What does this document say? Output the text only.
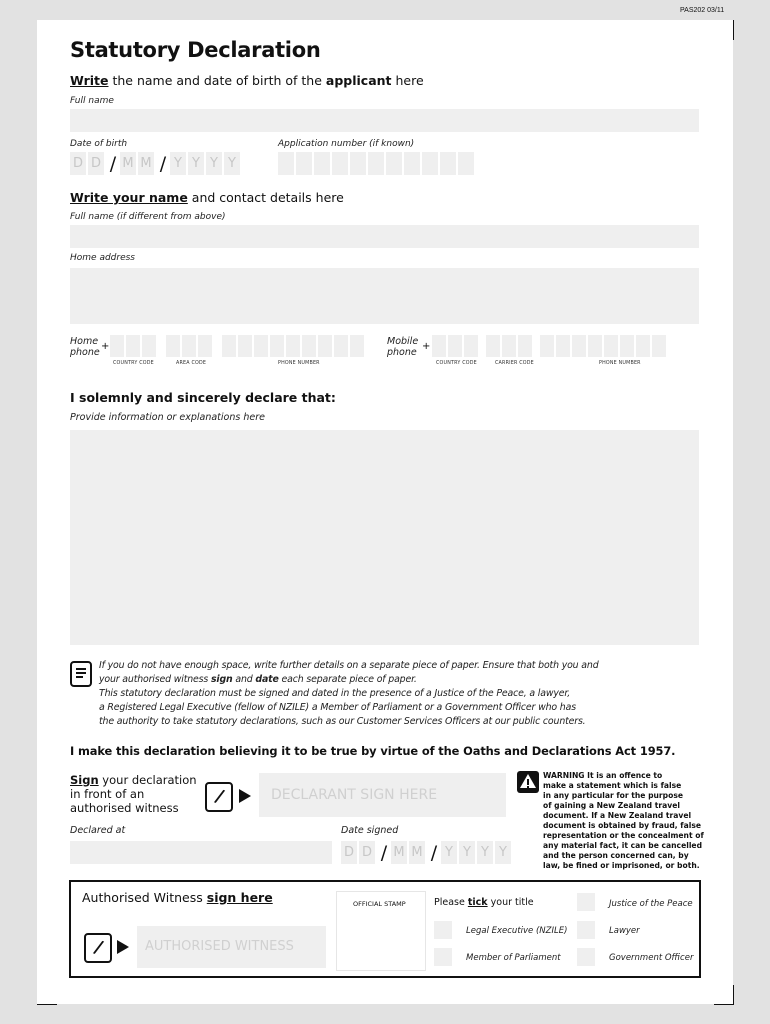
PAS202 03/11
Statutory Declaration
Write the name and date of birth of the applicant here
Full name
Date of birth
D D / M M / Y Y Y Y
Application number (if known)
Write your name and contact details here
Full name (if different from above)
Home address
Home
phone
+
COUNTRY CODE	AREA CODE	PHONE NUMBER
Mobile
phone
+
COUNTRY CODE	CARRIER CODE	PHONE NUMBER
I solemnly and sincerely declare that:
Provide information or explanations here
If you do not have enough space, write further details on a separate piece of paper. Ensure that both you and
your authorised witness sign and date each separate piece of paper.
This statutory declaration must be signed and dated in the presence of a Justice of the Peace, a lawyer,
a Registered Legal Executive (fellow of NZILE) a Member of Parliament or a Government Officer who has
the authority to take statutory declarations, such as our Customer Services Officers at our public counters.
I make this declaration believing it to be true by virtue of the Oaths and Declarations Act 1957.
Sign your declaration
in front of an
authorised witness
/	DECLARANT SIGN HERE
WARNING It is an offence to
make a statement which is false
in any particular for the purpose
of gaining a New Zealand travel
document. If a New Zealand travel
document is obtained by fraud, false
representation or the concealment of
any material fact, it can be cancelled
and the person concerned can, by
law, be fined or imprisoned, or both.
Declared at	Date signed
D D / M M / Y Y Y Y
Authorised Witness sign here
/	AUTHORISED WITNESS
OFFICIAL STAMP	Please tick your title	Justice of the Peace
Legal Executive (NZILE)	Lawyer
Member of Parliament	Government Officer
